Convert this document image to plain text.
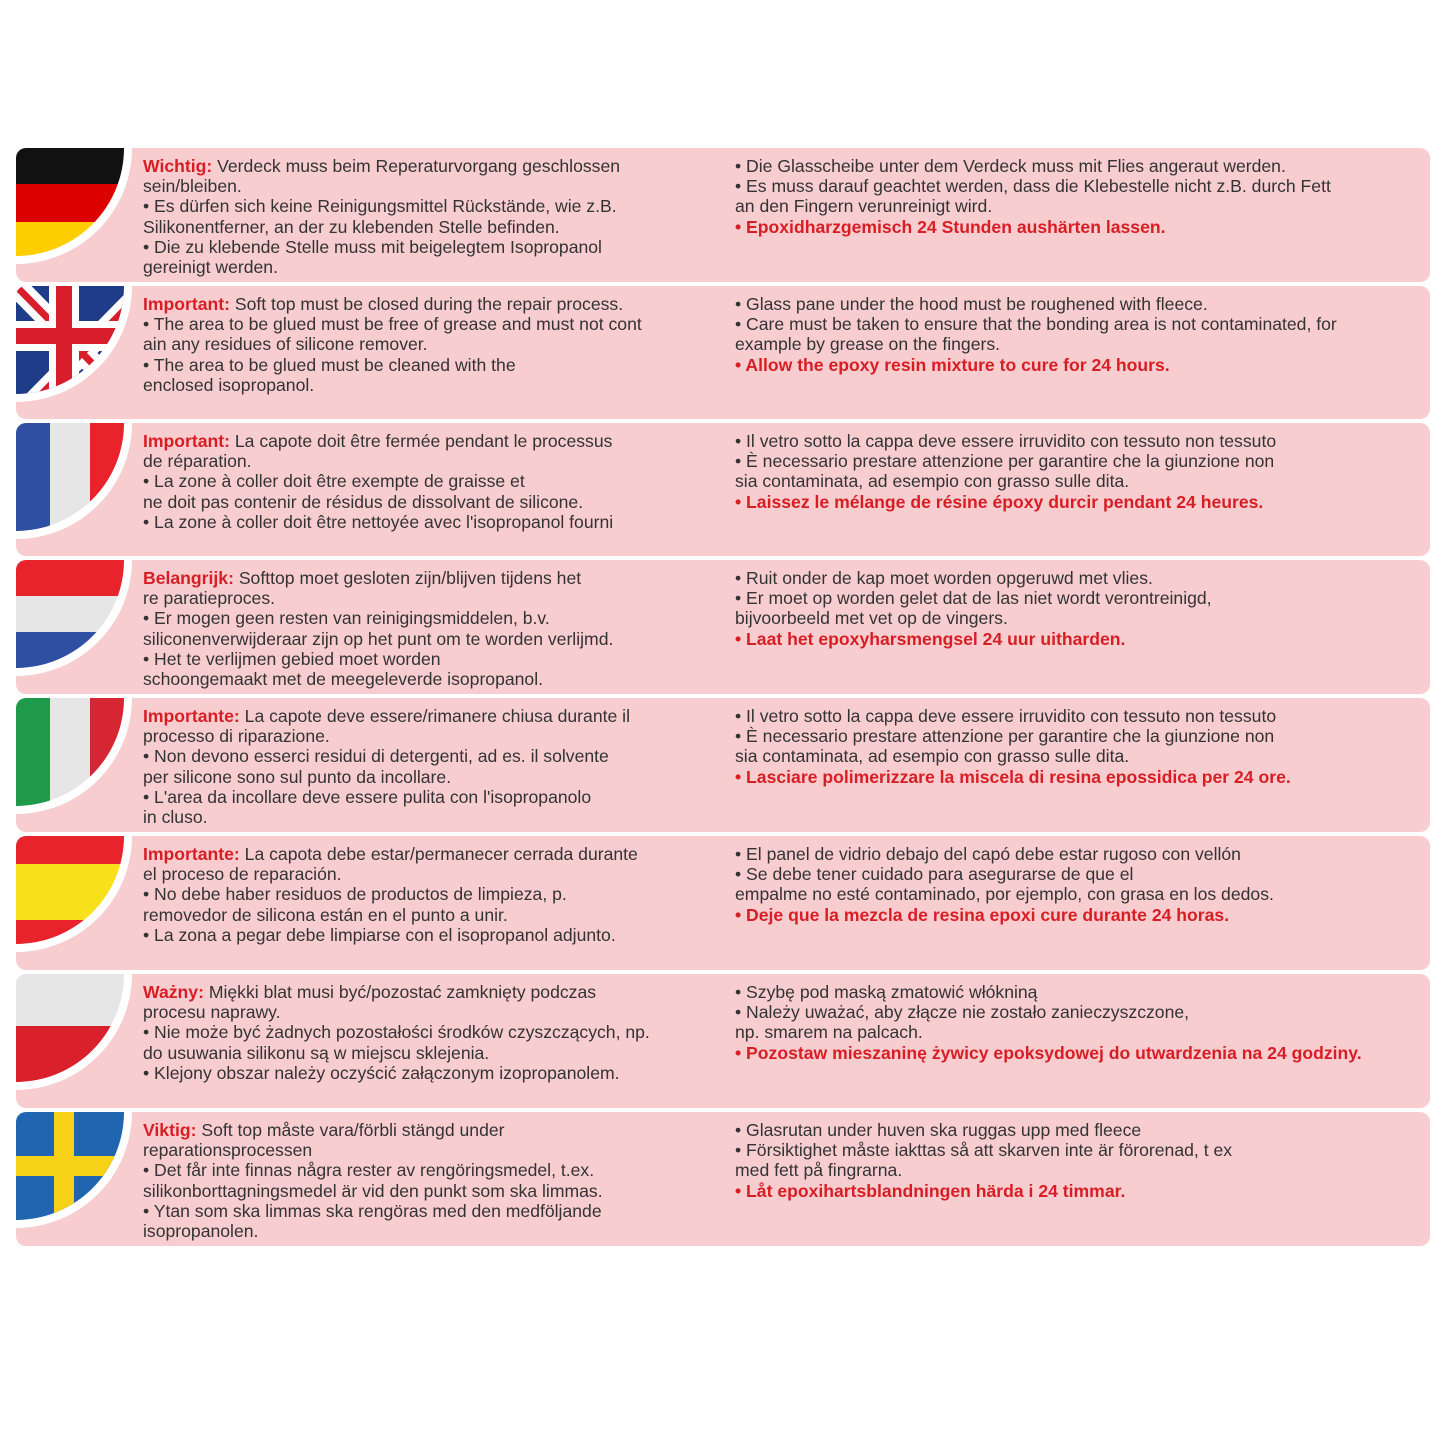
Wichtig: Verdeck muss beim Reperaturvorgang geschlossen
sein/bleiben.
• Es dürfen sich keine Reinigungsmittel Rückstände, wie z.B.
Silikonentferner, an der zu klebenden Stelle befinden.
• Die zu klebende Stelle muss mit beigelegtem Isopropanol
gereinigt werden.
• Die Glasscheibe unter dem Verdeck muss mit Flies angeraut werden.
• Es muss darauf geachtet werden, dass die Klebestelle nicht z.B. durch Fett
an den Fingern verunreinigt wird.
• Epoxidharzgemisch 24 Stunden aushärten lassen.
Important: Soft top must be closed during the repair process.
• The area to be glued must be free of grease and must not cont
ain any residues of silicone remover.
• The area to be glued must be cleaned with the
enclosed isopropanol.
• Glass pane under the hood must be roughened with fleece.
• Care must be taken to ensure that the bonding area is not contaminated, for
example by grease on the fingers.
• Allow the epoxy resin mixture to cure for 24 hours.
Important: La capote doit être fermée pendant le processus
de réparation.
• La zone à coller doit être exempte de graisse et
ne doit pas contenir de résidus de dissolvant de silicone.
• La zone à coller doit être nettoyée avec l'isopropanol fourni
• Il vetro sotto la cappa deve essere irruvidito con tessuto non tessuto
• È necessario prestare attenzione per garantire che la giunzione non
sia contaminata, ad esempio con grasso sulle dita.
• Laissez le mélange de résine époxy durcir pendant 24 heures.
Belangrijk: Softtop moet gesloten zijn/blijven tijdens het
re paratieproces.
• Er mogen geen resten van reinigingsmiddelen, b.v.
siliconenverwijderaar zijn op het punt om te worden verlijmd.
• Het te verlijmen gebied moet worden
schoongemaakt met de meegeleverde isopropanol.
• Ruit onder de kap moet worden opgeruwd met vlies.
• Er moet op worden gelet dat de las niet wordt verontreinigd,
bijvoorbeeld met vet op de vingers.
• Laat het epoxyharsmengsel 24 uur uitharden.
Importante: La capote deve essere/rimanere chiusa durante il
processo di riparazione.
• Non devono esserci residui di detergenti, ad es. il solvente
per silicone sono sul punto da incollare.
• L'area da incollare deve essere pulita con l'isopropanolo
in cluso.
• Il vetro sotto la cappa deve essere irruvidito con tessuto non tessuto
• È necessario prestare attenzione per garantire che la giunzione non
sia contaminata, ad esempio con grasso sulle dita.
• Lasciare polimerizzare la miscela di resina epossidica per 24 ore.
Importante: La capota debe estar/permanecer cerrada durante
el proceso de reparación.
• No debe haber residuos de productos de limpieza, p.
removedor de silicona están en el punto a unir.
• La zona a pegar debe limpiarse con el isopropanol adjunto.
• El panel de vidrio debajo del capó debe estar rugoso con vellón
• Se debe tener cuidado para asegurarse de que el
empalme no esté contaminado, por ejemplo, con grasa en los dedos.
• Deje que la mezcla de resina epoxi cure durante 24 horas.
Ważny: Miękki blat musi być/pozostać zamknięty podczas
procesu naprawy.
• Nie może być żadnych pozostałości środków czyszczących, np.
do usuwania silikonu są w miejscu sklejenia.
• Klejony obszar należy oczyścić załączonym izopropanolem.
• Szybę pod maską zmatowić włókniną
• Należy uważać, aby złącze nie zostało zanieczyszczone,
np. smarem na palcach.
• Pozostaw mieszaninę żywicy epoksydowej do utwardzenia na 24 godziny.
Viktig: Soft top måste vara/förbli stängd under
reparationsprocessen
• Det får inte finnas några rester av rengöringsmedel, t.ex.
silikonborttagningsmedel är vid den punkt som ska limmas.
• Ytan som ska limmas ska rengöras med den medföljande
isopropanolen.
• Glasrutan under huven ska ruggas upp med fleece
• Försiktighet måste iakttas så att skarven inte är förorenad, t ex
med fett på fingrarna.
• Låt epoxihartsblandningen härda i 24 timmar.
